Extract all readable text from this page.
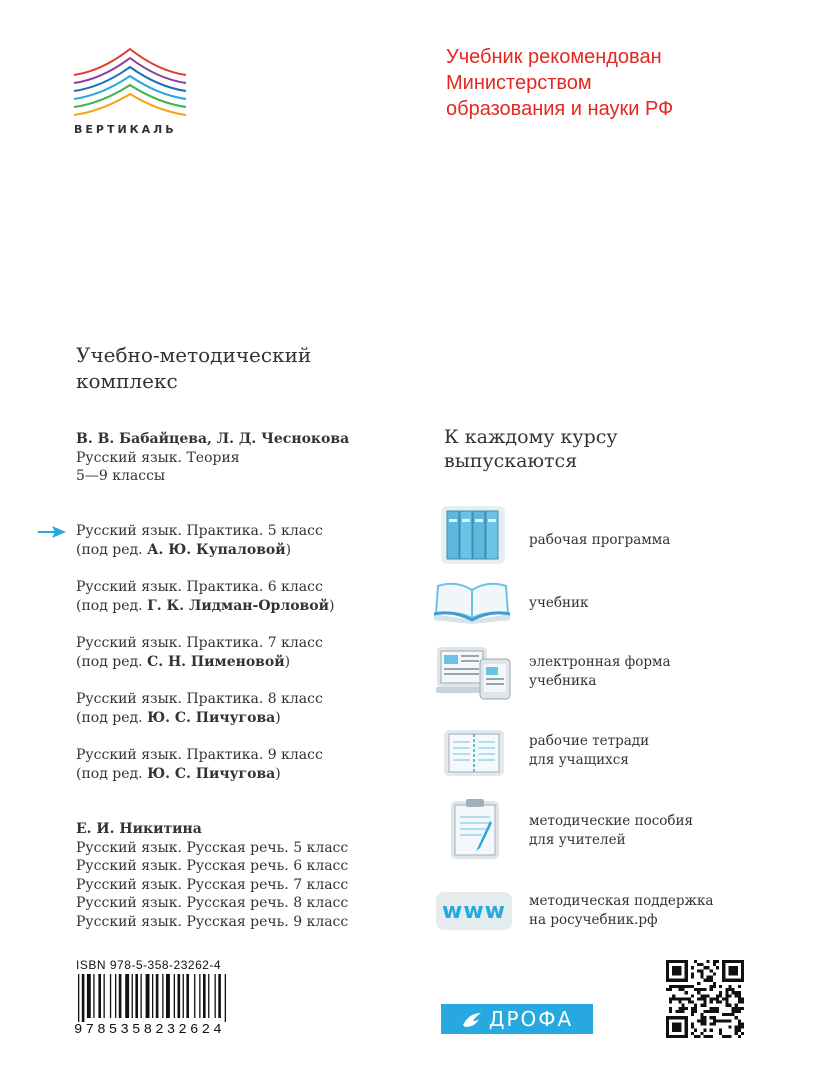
ВЕРТИКАЛЬ
Учебник рекомендован
Министерством
образования и науки РФ
Учебно-методический
комплекс
В. В. Бабайцева, Л. Д. Чеснокова
Русский язык. Теория
5—9 классы
Русский язык. Практика. 5 класс
(под ред. А. Ю. Купаловой)
Русский язык. Практика. 6 класс
(под ред. Г. К. Лидман-Орловой)
Русский язык. Практика. 7 класс
(под ред. С. Н. Пименовой)
Русский язык. Практика. 8 класс
(под ред. Ю. С. Пичугова)
Русский язык. Практика. 9 класс
(под ред. Ю. С. Пичугова)
Е. И. Никитина
Русский язык. Русская речь. 5 класс
Русский язык. Русская речь. 6 класс
Русский язык. Русская речь. 7 класс
Русский язык. Русская речь. 8 класс
Русский язык. Русская речь. 9 класс
К каждому курсу
выпускаются
рабочая программа
учебник
электронная форма
учебника
рабочие тетради
для учащихся
методические пособия
для учителей
www методическая поддержка
на росучебник.рф
ISBN 978-5-358-23262-4
9785358232624	ДРОФА
